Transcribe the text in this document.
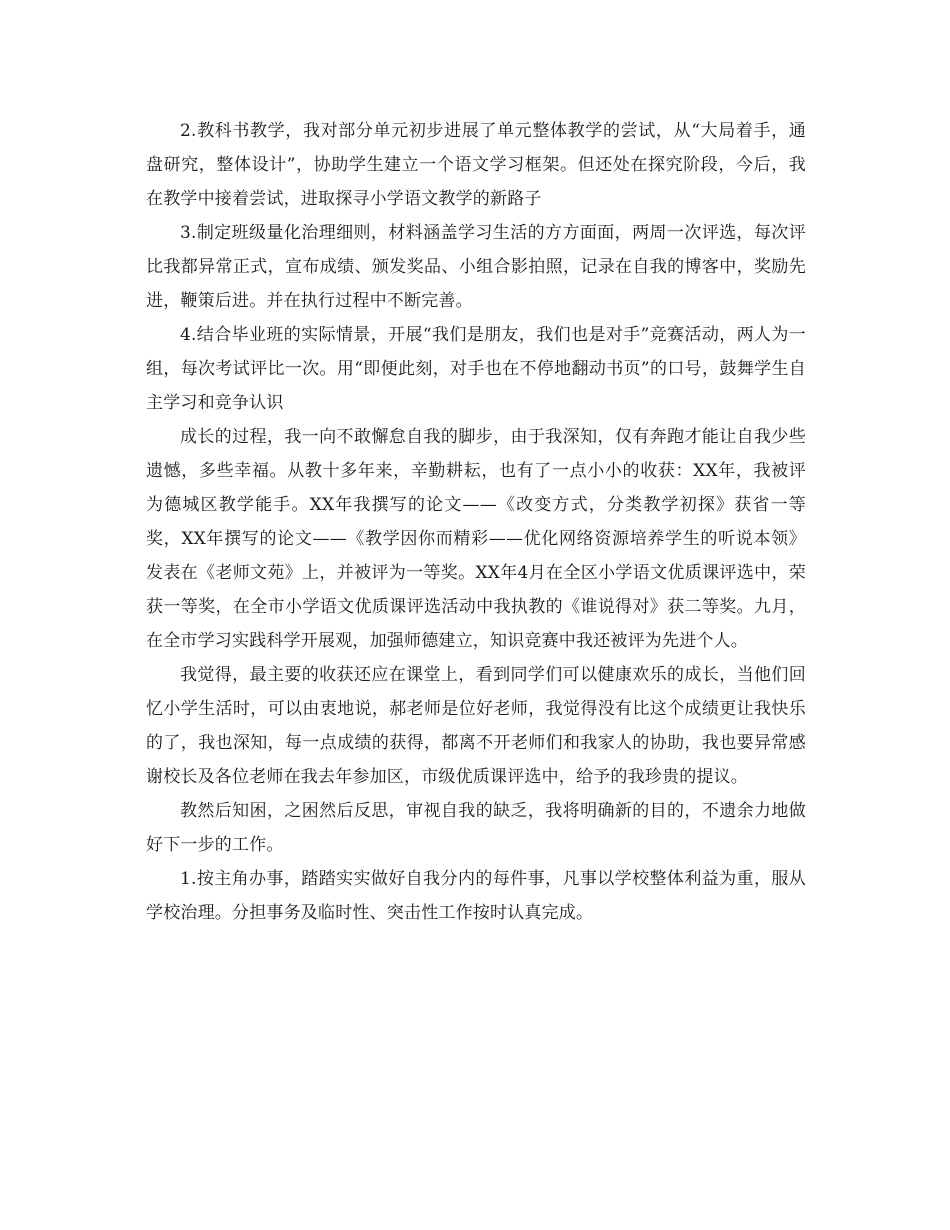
2.教科书教学，我对部分单元初步进展了单元整体教学的尝试，从“大局着手，通盘研究，整体设计”，协助学生建立一个语文学习框架。但还处在探究阶段，今后，我在教学中接着尝试，进取探寻小学语文教学的新路子

3.制定班级量化治理细则，材料涵盖学习生活的方方面面，两周一次评选，每次评比我都异常正式，宣布成绩、颁发奖品、小组合影拍照，记录在自我的博客中，奖励先进，鞭策后进。并在执行过程中不断完善。

4.结合毕业班的实际情景，开展“我们是朋友，我们也是对手”竞赛活动，两人为一组，每次考试评比一次。用“即便此刻，对手也在不停地翻动书页”的口号，鼓舞学生自主学习和竞争认识

成长的过程，我一向不敢懈怠自我的脚步，由于我深知，仅有奔跑才能让自我少些遗憾，多些幸福。从教十多年来，辛勤耕耘，也有了一点小小的收获：XX年，我被评为德城区教学能手。XX年我撰写的论文——《改变方式，分类教学初探》获省一等奖，XX年撰写的论文——《教学因你而精彩——优化网络资源培养学生的听说本领》发表在《老师文苑》上，并被评为一等奖。XX年4月在全区小学语文优质课评选中，荣获一等奖，在全市小学语文优质课评选活动中我执教的《谁说得对》获二等奖。九月，在全市学习实践科学开展观，加强师德建立，知识竞赛中我还被评为先进个人。

我觉得，最主要的收获还应在课堂上，看到同学们可以健康欢乐的成长，当他们回忆小学生活时，可以由衷地说，郝老师是位好老师，我觉得没有比这个成绩更让我快乐的了，我也深知，每一点成绩的获得，都离不开老师们和我家人的协助，我也要异常感谢校长及各位老师在我去年参加区，市级优质课评选中，给予的我珍贵的提议。

教然后知困，之困然后反思，审视自我的缺乏，我将明确新的目的，不遗余力地做好下一步的工作。

1.按主角办事，踏踏实实做好自我分内的每件事，凡事以学校整体利益为重，服从学校治理。分担事务及临时性、突击性工作按时认真完成。
